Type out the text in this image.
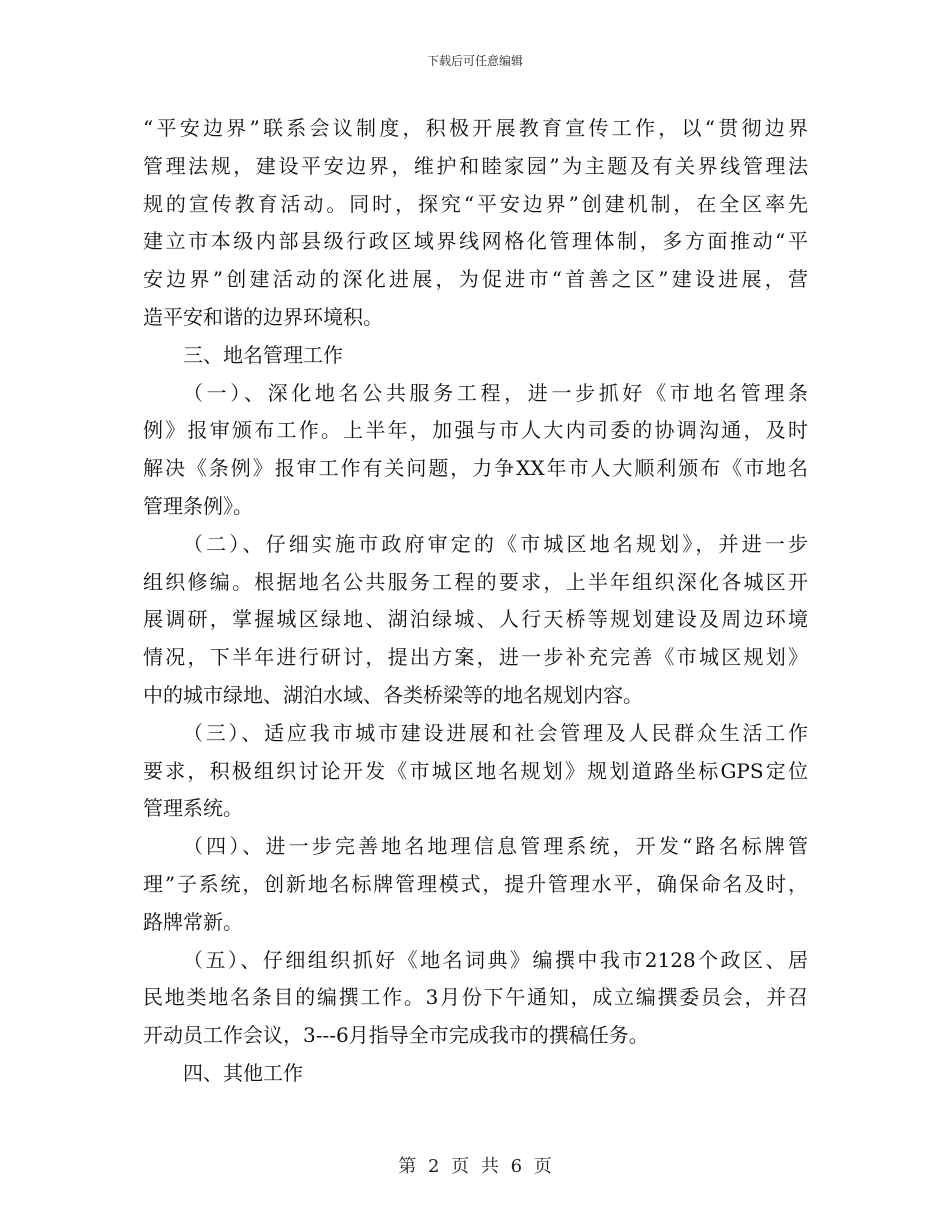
下载后可任意编辑
“平安边界”联系会议制度，积极开展教育宣传工作，以“贯彻边界
管理法规，建设平安边界，维护和睦家园”为主题及有关界线管理法
规的宣传教育活动。同时，探究“平安边界”创建机制，在全区率先
建立市本级内部县级行政区域界线网格化管理体制，多方面推动“平
安边界”创建活动的深化进展，为促进市“首善之区”建设进展，营
造平安和谐的边界环境积。
三、地名管理工作
（一）、深化地名公共服务工程，进一步抓好《市地名管理条
例》报审颁布工作。上半年，加强与市人大内司委的协调沟通，及时
解决《条例》报审工作有关问题，力争XX年市人大顺利颁布《市地名
管理条例》。
（二）、仔细实施市政府审定的《市城区地名规划》，并进一步
组织修编。根据地名公共服务工程的要求，上半年组织深化各城区开
展调研，掌握城区绿地、湖泊绿城、人行天桥等规划建设及周边环境
情况，下半年进行研讨，提出方案，进一步补充完善《市城区规划》
中的城市绿地、湖泊水域、各类桥梁等的地名规划内容。
（三）、适应我市城市建设进展和社会管理及人民群众生活工作
要求，积极组织讨论开发《市城区地名规划》规划道路坐标GPS定位
管理系统。
（四）、进一步完善地名地理信息管理系统，开发“路名标牌管
理”子系统，创新地名标牌管理模式，提升管理水平，确保命名及时，
路牌常新。
（五）、仔细组织抓好《地名词典》编撰中我市2128个政区、居
民地类地名条目的编撰工作。3月份下午通知，成立编撰委员会，并召
开动员工作会议，3---6月指导全市完成我市的撰稿任务。
四、其他工作
第 2 页 共 6 页
